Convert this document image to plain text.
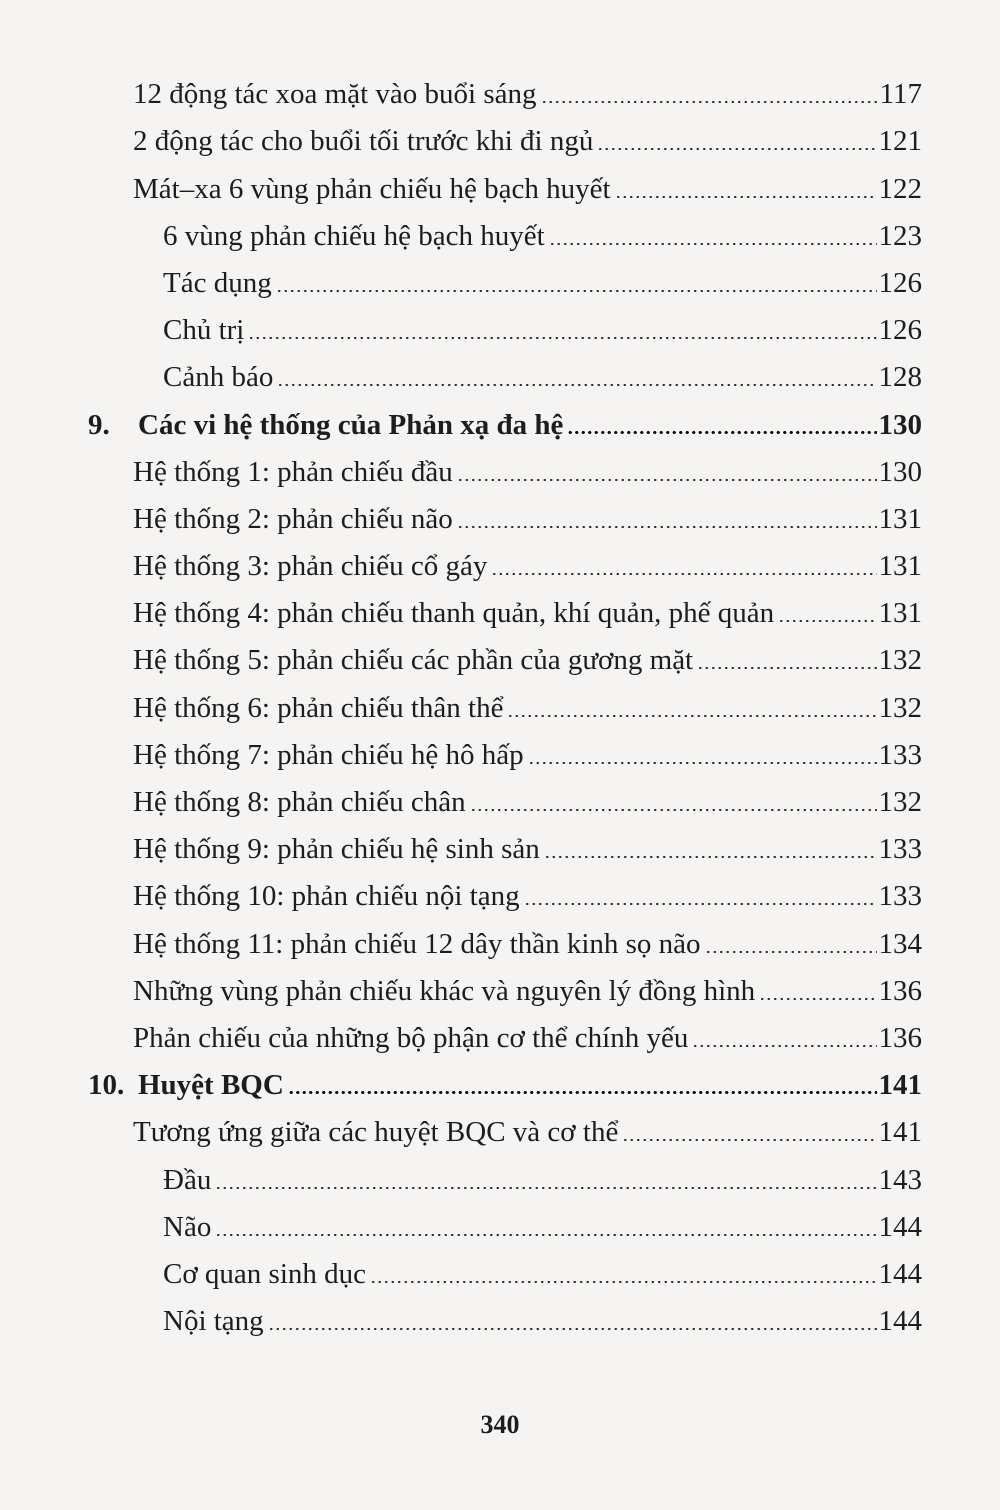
12 động tác xoa mặt vào buổi sáng	117
2 động tác cho buổi tối trước khi đi ngủ	121
Mát–xa 6 vùng phản chiếu hệ bạch huyết	122
6 vùng phản chiếu hệ bạch huyết	123
Tác dụng	126
Chủ trị	126
Cảnh báo	128
9. Các vi hệ thống của Phản xạ đa hệ	130
Hệ thống 1: phản chiếu đầu	130
Hệ thống 2: phản chiếu não	131
Hệ thống 3: phản chiếu cổ gáy	131
Hệ thống 4: phản chiếu thanh quản, khí quản, phế quản	131
Hệ thống 5: phản chiếu các phần của gương mặt	132
Hệ thống 6: phản chiếu thân thể	132
Hệ thống 7: phản chiếu hệ hô hấp	133
Hệ thống 8: phản chiếu chân	132
Hệ thống 9: phản chiếu hệ sinh sản	133
Hệ thống 10: phản chiếu nội tạng	133
Hệ thống 11: phản chiếu 12 dây thần kinh sọ não	134
Những vùng phản chiếu khác và nguyên lý đồng hình	136
Phản chiếu của những bộ phận cơ thể chính yếu	136
10. Huyệt BQC	141
Tương ứng giữa các huyệt BQC và cơ thể	141
Đầu	143
Não	144
Cơ quan sinh dục	144
Nội tạng	144
340
